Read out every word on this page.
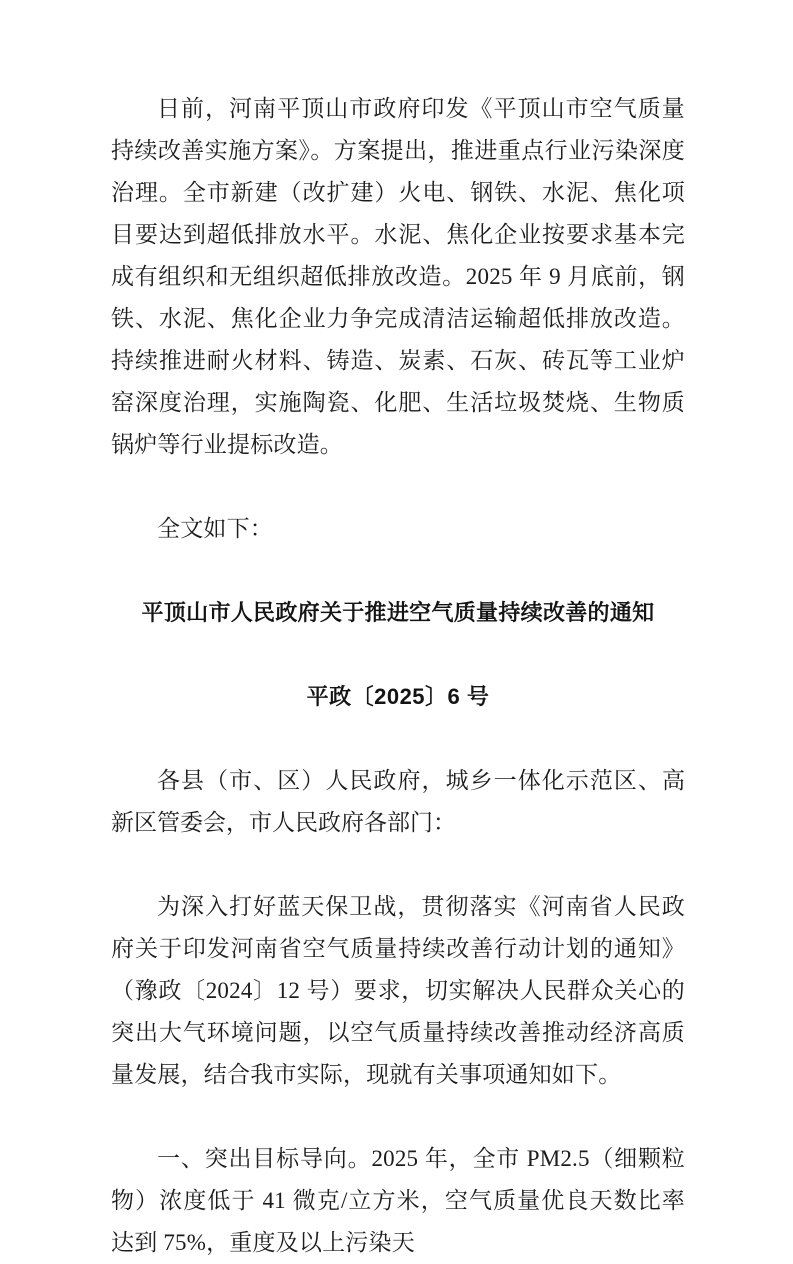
日前，河南平顶山市政府印发《平顶山市空气质量持续改善实施方案》。方案提出，推进重点行业污染深度治理。全市新建（改扩建）火电、钢铁、水泥、焦化项目要达到超低排放水平。水泥、焦化企业按要求基本完成有组织和无组织超低排放改造。2025 年 9 月底前，钢铁、水泥、焦化企业力争完成清洁运输超低排放改造。持续推进耐火材料、铸造、炭素、石灰、砖瓦等工业炉窑深度治理，实施陶瓷、化肥、生活垃圾焚烧、生物质锅炉等行业提标改造。

全文如下：

平顶山市人民政府关于推进空气质量持续改善的通知
平政〔2025〕6 号

各县（市、区）人民政府，城乡一体化示范区、高新区管委会，市人民政府各部门：

为深入打好蓝天保卫战，贯彻落实《河南省人民政府关于印发河南省空气质量持续改善行动计划的通知》（豫政〔2024〕12 号）要求，切实解决人民群众关心的突出大气环境问题，以空气质量持续改善推动经济高质量发展，结合我市实际，现就有关事项通知如下。

一、突出目标导向。2025 年，全市 PM2.5（细颗粒物）浓度低于 41 微克/立方米，空气质量优良天数比率达到 75%，重度及以上污染天
